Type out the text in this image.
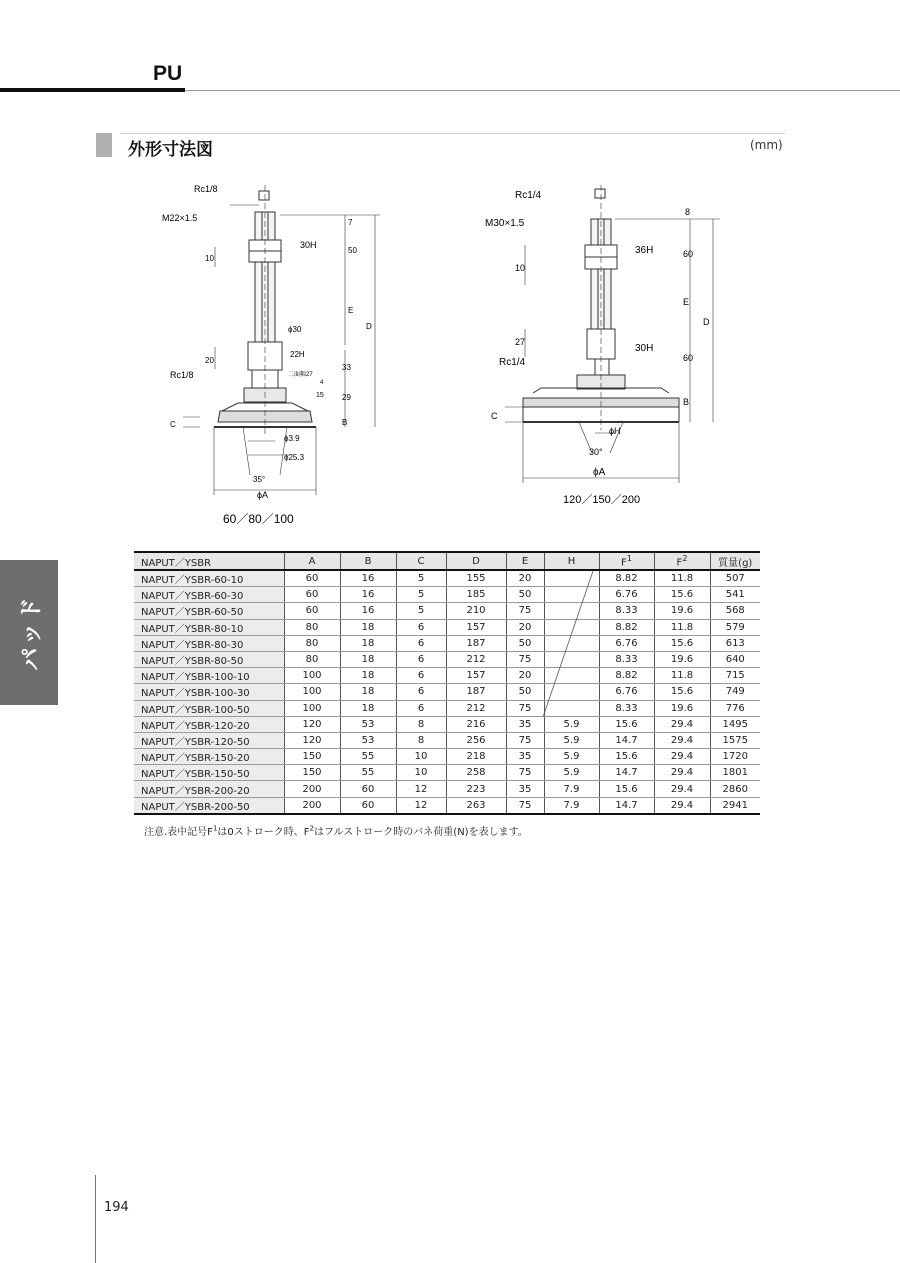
PU
外形寸法図	(mm)
パッド
Rc1/8
M22×1.5
30H
7
50
10
E
D
ϕ30
20
22H
二面幅27
Rc1/8
33
4
15 29
B
C
ϕ3.9
ϕ25.3
35°
ϕA
60／80／100
Rc1/4
M30×1.5
8
60
36H
10
E
D
27
Rc1/4
30H
60
B
C
ϕH
30°
ϕA
120／150／200
NAPUT／YSBR	A	B	C	D	E	H	$F^1$	$F^2$	質量(g)
NAPUT／YSBR-60-10	60	16	5	155	20		8.82	11.8	507
NAPUT／YSBR-60-30	60	16	5	185	50		6.76	15.6	541
NAPUT／YSBR-60-50	60	16	5	210	75		8.33	19.6	568
NAPUT／YSBR-80-10	80	18	6	157	20		8.82	11.8	579
NAPUT／YSBR-80-30	80	18	6	187	50		6.76	15.6	613
NAPUT／YSBR-80-50	80	18	6	212	75		8.33	19.6	640
NAPUT／YSBR-100-10	100	18	6	157	20		8.82	11.8	715
NAPUT／YSBR-100-30	100	18	6	187	50		6.76	15.6	749
NAPUT／YSBR-100-50	100	18	6	212	75		8.33	19.6	776
NAPUT／YSBR-120-20	120	53	8	216	35	5.9	15.6	29.4	1495
NAPUT／YSBR-120-50	120	53	8	256	75	5.9	14.7	29.4	1575
NAPUT／YSBR-150-20	150	55	10	218	35	5.9	15.6	29.4	1720
NAPUT／YSBR-150-50	150	55	10	258	75	5.9	14.7	29.4	1801
NAPUT／YSBR-200-20	200	60	12	223	35	7.9	15.6	29.4	2860
NAPUT／YSBR-200-50	200	60	12	263	75	7.9	14.7	29.4	2941
注意.表中記号$F^1$は0ストローク時、$F^2$はフルストローク時のバネ荷重(N)を表します。
194
